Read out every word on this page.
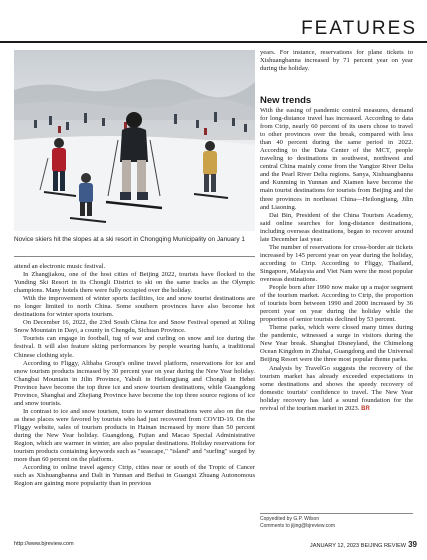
FEATURES
Novice skiers hit the slopes at a ski resort in Chongqing Municipality on January 1

attend an electronic music festival.

In Zhangjiakou, one of the host cities of Beijing 2022, tourists have flocked to the Yunding Ski Resort in its Chongli District to ski on the same tracks as the Olympic champions. Many hotels there were fully occupied over the holiday.

With the improvement of winter sports facilities, ice and snow tourist destinations are no longer limited to north China. Some southern provinces have also become hot destinations for winter sports tourism.

On December 16, 2022, the 23rd South China Ice and Snow Festival opened at Xiling Snow Mountain in Dayi, a county in Chengdu, Sichuan Province.

Tourists can engage in football, tug of war and curling on snow and ice during the festival. It will also feature skiing performances by people wearing hanfu, a traditional Chinese clothing style.

According to Fliggy, Alibaba Group's online travel platform, reservations for ice and snow tourism products increased by 30 percent year on year during the New Year holiday. Changbai Mountain in Jilin Province, Yabuli in Heilongjiang and Chongli in Hebei Province have become the top three ice and snow tourism destinations, while Guangdong Province, Shanghai and Zhejiang Province have become the top three source regions of ice and snow tourists.

In contrast to ice and snow tourism, tours to warmer destinations were also on the rise as these places were favored by tourists who had just recovered from COVID-19. On the Fliggy website, sales of tourism products in Hainan increased by more than 50 percent during the New Year holiday. Guangdong, Fujian and Macao Special Administrative Region, which are warmer in winter, are also popular destinations. Holiday reservations for tourism products containing keywords such as "seascape," "island" and "surfing" surged by more than 60 percent on the platform.

According to online travel agency Ctrip, cities near or south of the Tropic of Cancer such as Xishuangbanna and Dali in Yunnan and Beihai in Guangxi Zhuang Autonomous Region are gaining more popularity than in previous

years. For instance, reservations for plane tickets to Xishuangbanna increased by 71 percent year on year during the holiday.

New trends

With the easing of pandemic control measures, demand for long-distance travel has increased. According to data from Ctrip, nearly 60 percent of its users chose to travel to other provinces over the break, compared with less than 40 percent during the same period in 2022. According to the Data Center of the MCT, people traveling to destinations in southwest, northwest and central China mainly come from the Yangtze River Delta and the Pearl River Delta regions. Sanya, Xishuangbanna and Kunming in Yunnan and Xiamen have become the main tourist destinations for tourists from Beijing and the three provinces in northeast China—Heilongjiang, Jilin and Liaoning.

Dai Bin, President of the China Tourism Academy, said online searches for long-distance destinations, including overseas destinations, began to recover around late December last year.

The number of reservations for cross-border air tickets increased by 145 percent year on year during the holiday, according to Ctrip. According to Fliggy, Thailand, Singapore, Malaysia and Viet Nam were the most popular overseas destinations.

People born after 1990 now make up a major segment of the tourism market. According to Ctrip, the proportion of tourists born between 1990 and 2000 increased by 36 percent year on year during the holiday while the proportion of senior tourists declined by 53 percent.

Theme parks, which were closed many times during the pandemic, witnessed a surge in visitors during the New Year break. Shanghai Disneyland, the Chimelong Ocean Kingdom in Zhuhai, Guangdong and the Universal Beijing Resort were the three most popular theme parks.

Analysis by TravelGo suggests the recovery of the tourism market has already exceeded expectations in some destinations and shows the speedy recovery of domestic tourists' confidence to travel. The New Year holiday recovery has laid a sound foundation for the revival of the tourism market in 2023. BR

Copyedited by G.P. Wilson
Comments to jijing@bjreview.com
http://www.bjreview.com	JANUARY 12, 2023 BEIJING REVIEW 39
